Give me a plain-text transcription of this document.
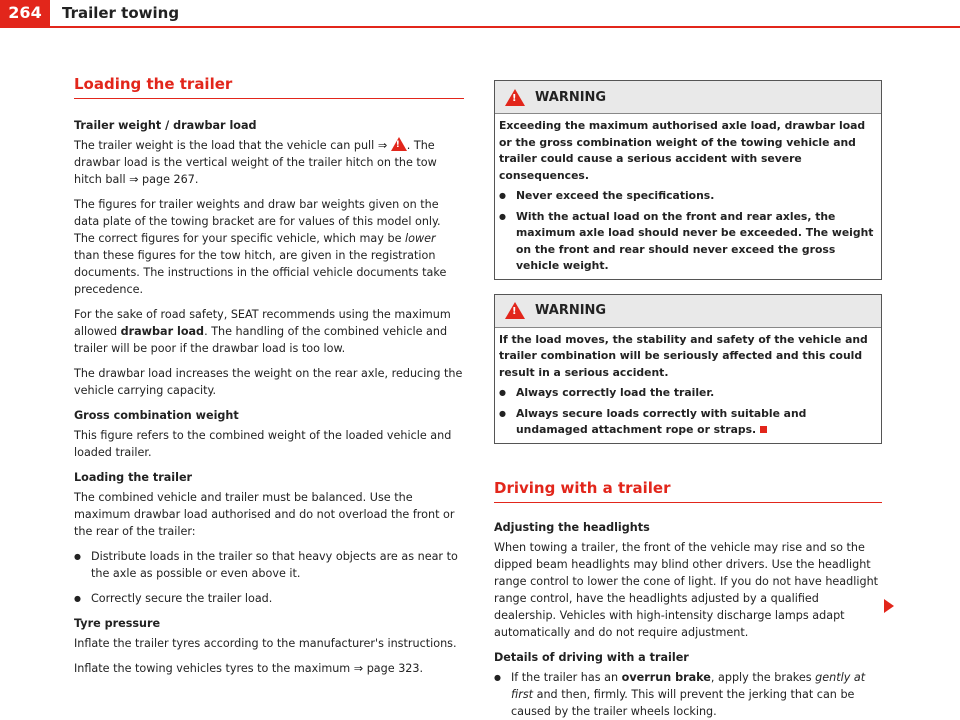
264	Trailer towing
Loading the trailer

Trailer weight / drawbar load

The trailer weight is the load that the vehicle can pull ⇒ ! . The drawbar load is the vertical weight of the trailer hitch on the tow hitch ball ⇒ page 267.

The figures for trailer weights and draw bar weights given on the data plate of the towing bracket are for values of this model only. The correct figures for your specific vehicle, which may be lower than these figures for the tow hitch, are given in the registration documents. The instructions in the official vehicle documents take precedence.

For the sake of road safety, SEAT recommends using the maximum allowed drawbar load. The handling of the combined vehicle and trailer will be poor if the drawbar load is too low.

The drawbar load increases the weight on the rear axle, reducing the vehicle carrying capacity.

Gross combination weight

This figure refers to the combined weight of the loaded vehicle and loaded trailer.

Loading the trailer

The combined vehicle and trailer must be balanced. Use the maximum drawbar load authorised and do not overload the front or the rear of the trailer:

● Distribute loads in the trailer so that heavy objects are as near to the axle as possible or even above it.

● Correctly secure the trailer load.

Tyre pressure

Inflate the trailer tyres according to the manufacturer's instructions.

Inflate the towing vehicles tyres to the maximum ⇒ page 323.

!
WARNING

Exceeding the maximum authorised axle load, drawbar load or the gross combination weight of the towing vehicle and trailer could cause a serious accident with severe consequences.

● Never exceed the specifications.

● With the actual load on the front and rear axles, the maximum axle load should never be exceeded. The weight on the front and rear should never exceed the gross vehicle weight.

!
WARNING

If the load moves, the stability and safety of the vehicle and trailer combination will be seriously affected and this could result in a serious accident.

● Always correctly load the trailer.

● Always secure loads correctly with suitable and undamaged attachment rope or straps.

Driving with a trailer

Adjusting the headlights

When towing a trailer, the front of the vehicle may rise and so the dipped beam headlights may blind other drivers. Use the headlight range control to lower the cone of light. If you do not have headlight range control, have the headlights adjusted by a qualified dealership. Vehicles with high-intensity discharge lamps adapt automatically and do not require adjustment.

Details of driving with a trailer

● If the trailer has an overrun brake, apply the brakes gently at first and then, firmly. This will prevent the jerking that can be caused by the trailer wheels locking.
